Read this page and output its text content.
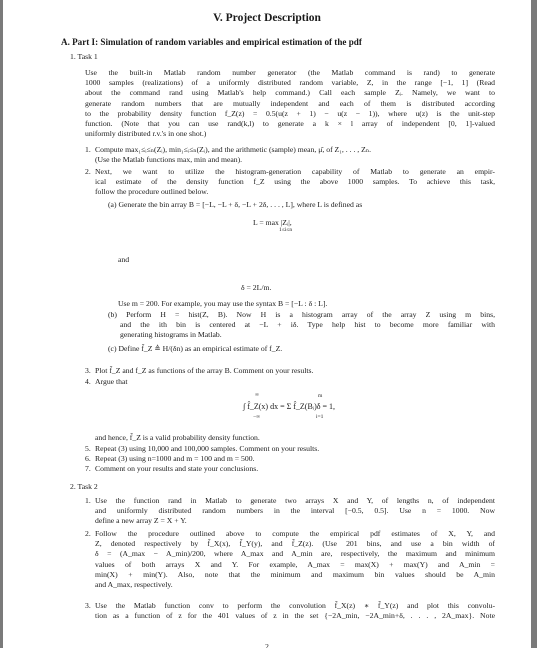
V. Project Description
A. Part I: Simulation of random variables and empirical estimation of the pdf
1. Task 1

Use the built-in Matlab random number generator (the Matlab command is rand) to generate

1000 samples (realizations) of a uniformly distributed random variable, Z, in the range [−1, 1] (Read

about the command rand using Matlab's help command.) Call each sample Zᵢ. Namely, we want to

generate random numbers that are mutually independent and each of them is distributed according

to the probability density function f_Z(z) = 0.5(u(z + 1) − u(z − 1)), where u(z) is the unit-step

function. (Note that you can use rand(k,l) to generate a k × l array of independent [0, 1]-valued

uniformly distributed r.v.'s in one shot.)

1. Compute max₁≤ᵢ≤ₙ(Zᵢ), min₁≤ᵢ≤ₙ(Zᵢ), and the arithmetic (sample) mean, μ̂, of Z₁, . . . , Zₙ.

(Use the Matlab functions max, min and mean).

2. Next, we want to utilize the histogram-generation capability of Matlab to generate an empir-

ical estimate of the density function f_Z using the above 1000 samples. To achieve this task,

follow the procedure outlined below.

(a) Generate the bin array B = [−L, −L + δ, −L + 2δ, . . . , L], where L is defined as

L = max |Zᵢ|,
1≤i≤n
and
δ = 2L/m.
Use m = 200. For example, you may use the syntax B = [−L : δ : L].

(b) Perform H = hist(Z, B). Now H is a histogram array of the array Z using m bins,

and the ith bin is centered at −L + iδ. Type help hist to become more familiar with

generating histograms in Matlab.

(c) Define f̂_Z ≜ H/(δn) as an empirical estimate of f_Z.

3. Plot f̂_Z and f_Z as functions of the array B. Comment on your results.

4. Argue that

∫ f̂_Z(x) dx = Σ f̂_Z(Bᵢ)δ = 1,
∞
−∞
m
i=1
and hence, f̂_Z is a valid probability density function.
5. Repeat (3) using 10,000 and 100,000 samples. Comment on your results.

6. Repeat (3) using n=1000 and m = 100 and m = 500.

7. Comment on your results and state your conclusions.

2. Task 2
1. Use the function rand in Matlab to generate two arrays X and Y, of lengths n, of independent

and uniformly distributed random numbers in the interval [−0.5, 0.5]. Use n = 1000. Now

define a new array Z = X + Y.

2. Follow the procedure outlined above to compute the empirical pdf estimates of X, Y, and

Z, denoted respectively by f̂_X(x), f̂_Y(y), and f̂_Z(z). (Use 201 bins, and use a bin width of

δ = (A_max − A_min)/200, where A_max and A_min are, respectively, the maximum and minimum

values of both arrays X and Y. For example, A_max = max(X) + max(Y) and A_min =

min(X) + min(Y). Also, note that the minimum and maximum bin values should be A_min

and A_max, respectively.

3. Use the Matlab function conv to perform the convolution f̂_X(z) ∗ f̂_Y(z) and plot this convolu-

tion as a function of z for the 401 values of z in the set {−2A_min, −2A_min+δ, . . . , 2A_max}. Note

2
